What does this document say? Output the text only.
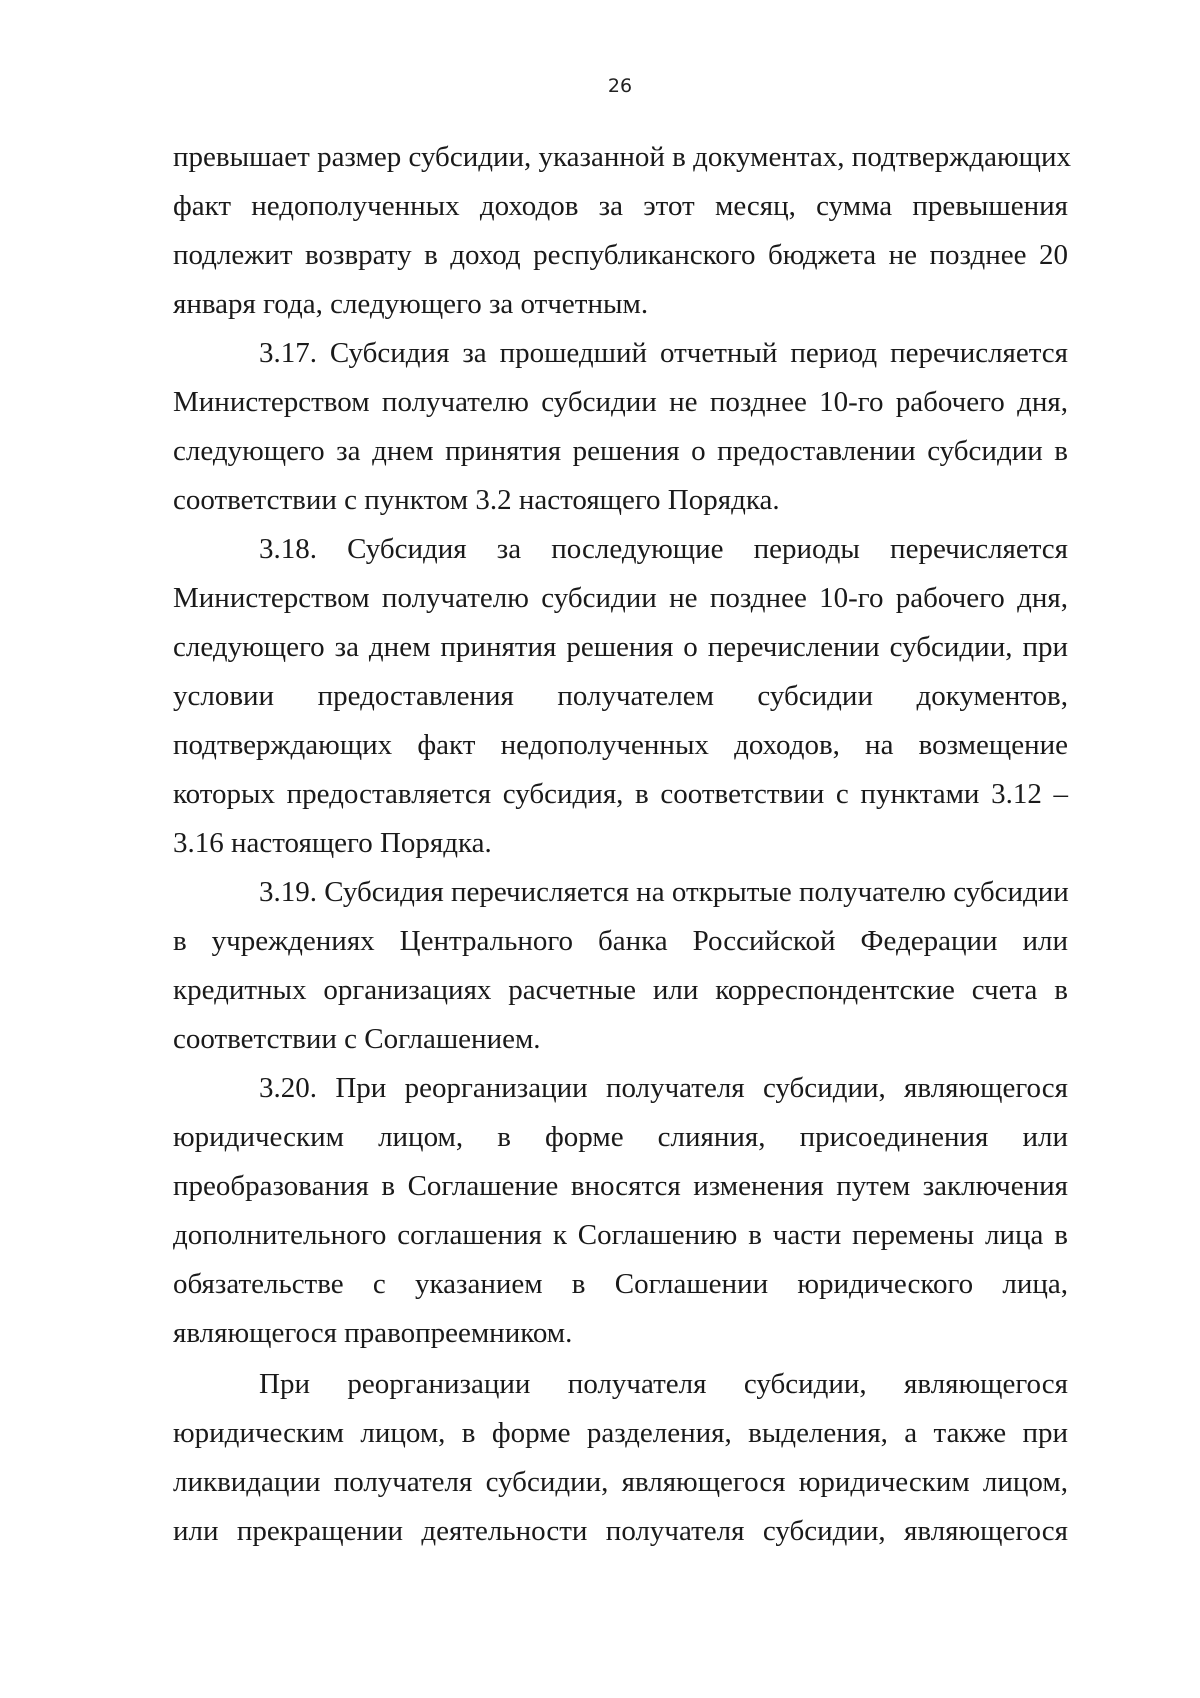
26
превышает размер субсидии, указанной в документах, подтверждающих
факт недополученных доходов за этот месяц, сумма превышения
подлежит возврату в доход республиканского бюджета не позднее 20
января года, следующего за отчетным.
3.17. Субсидия за прошедший отчетный период перечисляется
Министерством получателю субсидии не позднее 10-го рабочего дня,
следующего за днем принятия решения о предоставлении субсидии в
соответствии с пунктом 3.2 настоящего Порядка.
3.18. Субсидия за последующие периоды перечисляется
Министерством получателю субсидии не позднее 10-го рабочего дня,
следующего за днем принятия решения о перечислении субсидии, при
условии предоставления получателем субсидии документов,
подтверждающих факт недополученных доходов, на возмещение
которых предоставляется субсидия, в соответствии с пунктами 3.12 –
3.16 настоящего Порядка.
3.19. Субсидия перечисляется на открытые получателю субсидии
в учреждениях Центрального банка Российской Федерации или
кредитных организациях расчетные или корреспондентские счета в
соответствии с Соглашением.
3.20. При реорганизации получателя субсидии, являющегося
юридическим лицом, в форме слияния, присоединения или
преобразования в Соглашение вносятся изменения путем заключения
дополнительного соглашения к Соглашению в части перемены лица в
обязательстве с указанием в Соглашении юридического лица,
являющегося правопреемником.
При реорганизации получателя субсидии, являющегося
юридическим лицом, в форме разделения, выделения, а также при
ликвидации получателя субсидии, являющегося юридическим лицом,
или прекращении деятельности получателя субсидии, являющегося
